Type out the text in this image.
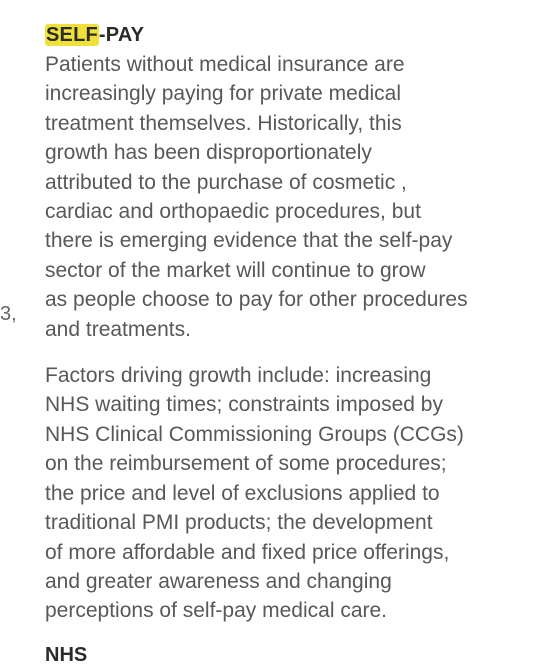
3,
SELF-PAY

Patients without medical insurance are
increasingly paying for private medical
treatment themselves. Historically, this
growth has been disproportionately
attributed to the purchase of cosmetic ,
cardiac and orthopaedic procedures, but
there is emerging evidence that the self-pay
sector of the market will continue to grow
as people choose to pay for other procedures
and treatments.

Factors driving growth include: increasing
NHS waiting times; constraints imposed by
NHS Clinical Commissioning Groups (CCGs)
on the reimbursement of some procedures;
the price and level of exclusions applied to
traditional PMI products; the development
of more affordable and fixed price offerings,
and greater awareness and changing
perceptions of self-pay medical care.

NHS
